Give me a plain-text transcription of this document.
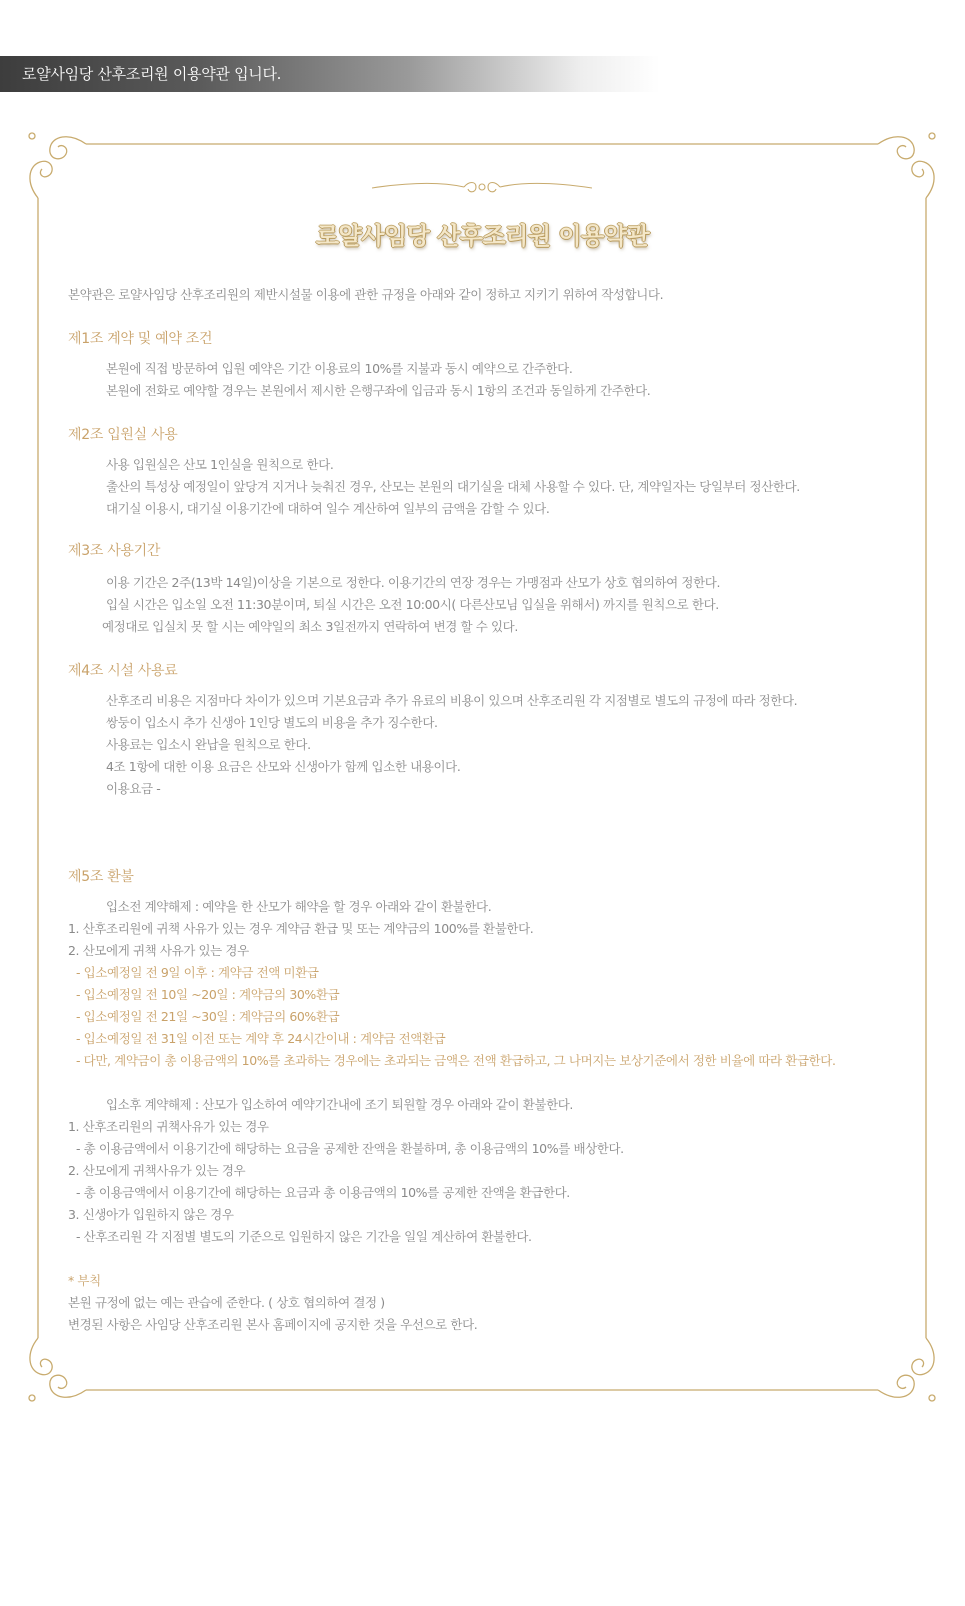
로얄사임당 산후조리원 이용약관 입니다.
로얄사임당 산후조리원 이용약관
본약관은 로얄사임당 산후조리원의 제반시설물 이용에 관한 규정을 아래와 같이 정하고 지키기 위하여 작성합니다.
제1조 계약 및 예약 조건
본원에 직접 방문하여 입원 예약은 기간 이용료의 10%를 지불과 동시 예약으로 간주한다.
본원에 전화로 예약할 경우는 본원에서 제시한 은행구좌에 입금과 동시 1항의 조건과 동일하게 간주한다.
제2조 입원실 사용
사용 입원실은 산모 1인실을 원칙으로 한다.
출산의 특성상 예정일이 앞당겨 지거나 늦춰진 경우, 산모는 본원의 대기실을 대체 사용할 수 있다. 단, 계약일자는 당일부터 정산한다.
대기실 이용시, 대기실 이용기간에 대하여 일수 계산하여 일부의 금액을 감할 수 있다.
제3조 사용기간
이용 기간은 2주(13박 14일)이상을 기본으로 정한다. 이용기간의 연장 경우는 가맹점과 산모가 상호 협의하여 정한다.
입실 시간은 입소일 오전 11:30분이며, 퇴실 시간은 오전 10:00시( 다른산모님 입실을 위해서) 까지를 원칙으로 한다.
예정대로 입실치 못 할 시는 예약일의 최소 3일전까지 연락하여 변경 할 수 있다.
제4조 시설 사용료
산후조리 비용은 지점마다 차이가 있으며 기본요금과 추가 유료의 비용이 있으며 산후조리원 각 지점별로 별도의 규정에 따라 정한다.
쌍둥이 입소시 추가 신생아 1인당 별도의 비용을 추가 징수한다.
사용료는 입소시 완납을 원칙으로 한다.
4조 1항에 대한 이용 요금은 산모와 신생아가 함께 입소한 내용이다.
이용요금 -
제5조 환불
입소전 계약해제 : 예약을 한 산모가 해약을 할 경우 아래와 같이 환불한다.
1. 산후조리원에 귀책 사유가 있는 경우 계약금 환급 및 또는 계약금의 100%를 환불한다.
2. 산모에게 귀책 사유가 있는 경우
- 입소예정일 전 9일 이후 : 계약금 전액 미환급
- 입소예정일 전 10일 ~20일 : 계약금의 30%환급
- 입소예정일 전 21일 ~30일 : 계약금의 60%환급
- 입소예정일 전 31일 이전 또는 계약 후 24시간이내 : 계약금 전액환급
- 다만, 계약금이 총 이용금액의 10%를 초과하는 경우에는 초과되는 금액은 전액 환급하고, 그 나머지는 보상기준에서 정한 비율에 따라 환급한다.
입소후 계약해제 : 산모가 입소하여 예약기간내에 조기 퇴원할 경우 아래와 같이 환불한다.
1. 산후조리원의 귀책사유가 있는 경우
- 총 이용금액에서 이용기간에 해당하는 요금을 공제한 잔액을 환불하며, 총 이용금액의 10%를 배상한다.
2. 산모에게 귀책사유가 있는 경우
- 총 이용금액에서 이용기간에 해당하는 요금과 총 이용금액의 10%를 공제한 잔액을 환급한다.
3. 신생아가 입원하지 않은 경우
- 산후조리원 각 지점별 별도의 기준으로 입원하지 않은 기간을 일일 계산하여 환불한다.
* 부칙
본원 규정에 없는 예는 관습에 준한다. ( 상호 협의하여 결정 )
변경된 사항은 사임당 산후조리원 본사 홈페이지에 공지한 것을 우선으로 한다.
